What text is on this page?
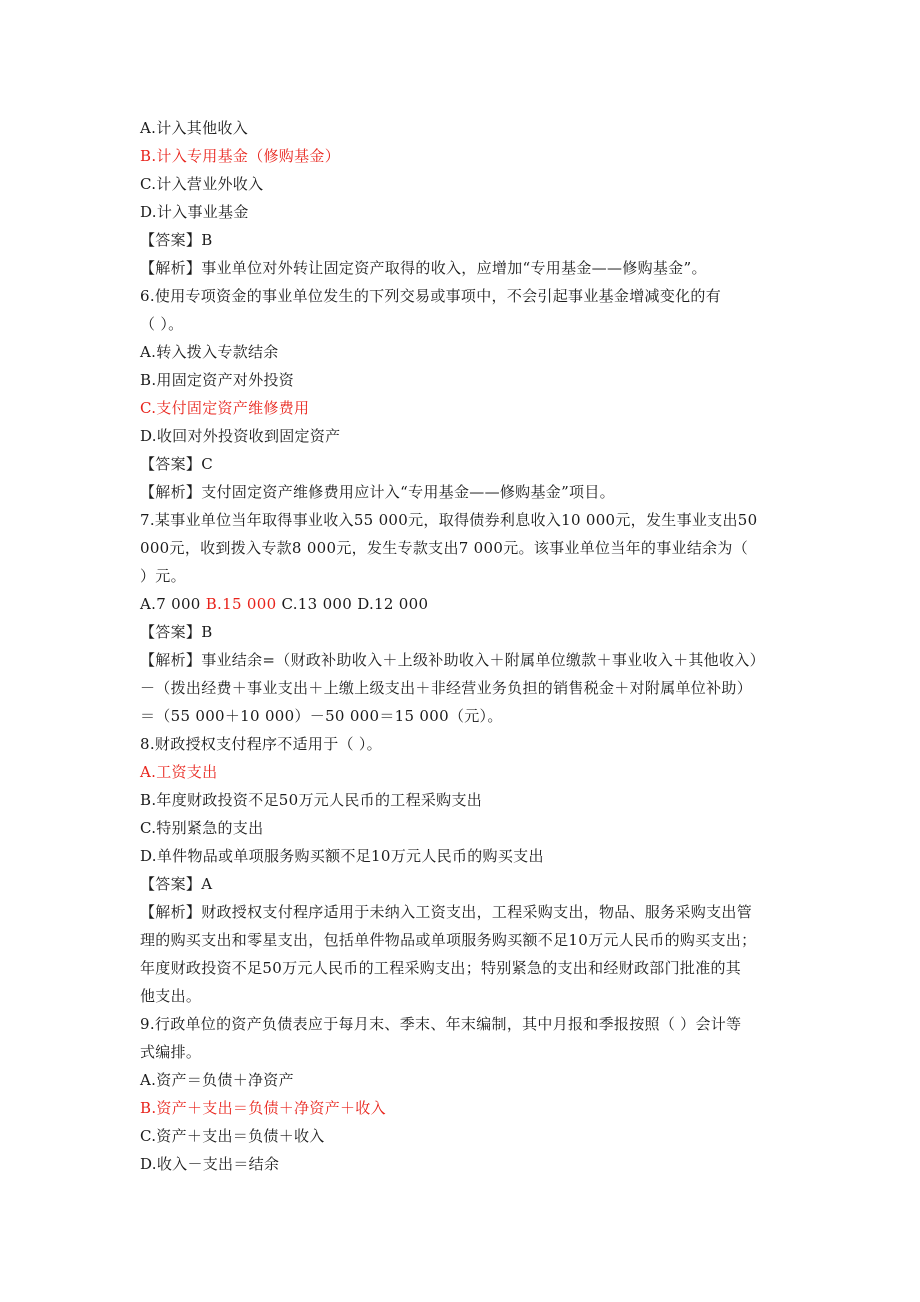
A.计入其他收入
B.计入专用基金（修购基金）
C.计入营业外收入
D.计入事业基金
【答案】B
【解析】事业单位对外转让固定资产取得的收入，应增加“专用基金——修购基金”。
6.使用专项资金的事业单位发生的下列交易或事项中，不会引起事业基金增减变化的有
（ ）。
A.转入拨入专款结余
B.用固定资产对外投资
C.支付固定资产维修费用
D.收回对外投资收到固定资产
【答案】C
【解析】支付固定资产维修费用应计入“专用基金——修购基金”项目。
7.某事业单位当年取得事业收入55 000元，取得债券利息收入10 000元，发生事业支出50
000元，收到拨入专款8 000元，发生专款支出7 000元。该事业单位当年的事业结余为（
）元。
A.7 000 B.15 000 C.13 000 D.12 000
【答案】B
【解析】事业结余=（财政补助收入＋上级补助收入＋附属单位缴款＋事业收入＋其他收入）
－（拨出经费＋事业支出＋上缴上级支出＋非经营业务负担的销售税金＋对附属单位补助）
＝（55 000＋10 000）－50 000＝15 000（元）。
8.财政授权支付程序不适用于（ ）。
A.工资支出
B.年度财政投资不足50万元人民币的工程采购支出
C.特别紧急的支出
D.单件物品或单项服务购买额不足10万元人民币的购买支出
【答案】A
【解析】财政授权支付程序适用于未纳入工资支出，工程采购支出，物品、服务采购支出管
理的购买支出和零星支出，包括单件物品或单项服务购买额不足10万元人民币的购买支出；
年度财政投资不足50万元人民币的工程采购支出；特别紧急的支出和经财政部门批准的其
他支出。
9.行政单位的资产负债表应于每月末、季末、年末编制，其中月报和季报按照（ ）会计等
式编排。
A.资产＝负债＋净资产
B.资产＋支出＝负债＋净资产＋收入
C.资产＋支出＝负债＋收入
D.收入－支出＝结余
